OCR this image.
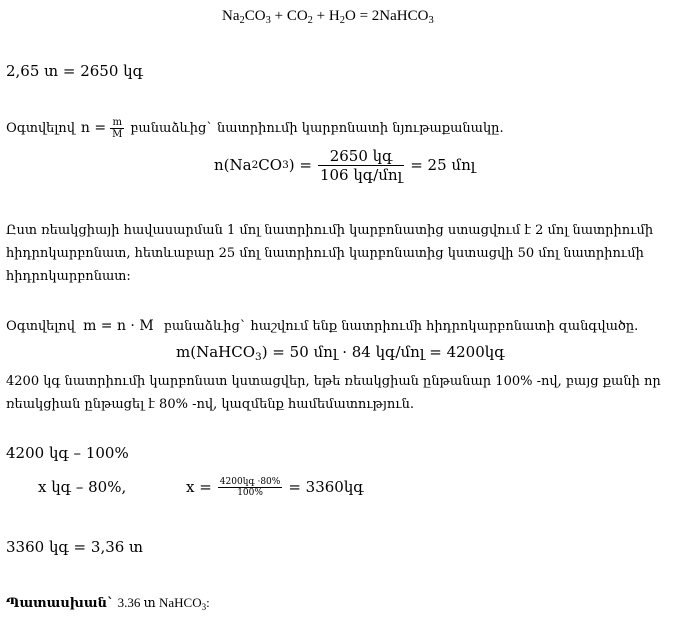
$Na_2CO_3 + CO_2 + H_2O$ = 2NaHCO$_3$
2,65 տ = 2650 կգ
Օգտվելով $n = \frac{m}{M}$ բանաձևից` նատրիումի կարբոնատի նյութաքանակը.
n(Na 2 CO 3 ) = $\frac{\text{2650 կգ}}{\text{106 կգ/մոլ}} = 25$ մոլ
Ըստ ռեակցիայի հավասարման 1 մոլ նատրիումի կարբոնատից ստացվում է 2 մոլ նատրիումի հիդրոկարբոնատ, հետևաբար 25 մոլ նատրիումի կարբոնատից կստացվի 50 մոլ նատրիումի հիդրոկարբոնատ:
Օգտվելով m = n · M բանաձևից` հաշվում ենք նատրիումի հիդրոկարբոնատի զանգվածը.
m(NaHCO$_3$) = 50 մոլ · 84 կգ/մոլ = 4200կգ
4200 կգ նատրիումի կարբոնատ կստացվեր, եթե ռեակցիան ընթանար 100% -ով, բայց քանի որ ռեակցիան ընթացել է 80% -ով, կազմենք համեմատություն.
4200 կգ – 100%
x կգ – 80%,	$x = \frac{\text{4200կգ ·80\%}}{100\%}$ = 3360կգ
3360 կգ = 3,36 տ
Պատասխան` 3.36 տ NaHCO$_3$:
